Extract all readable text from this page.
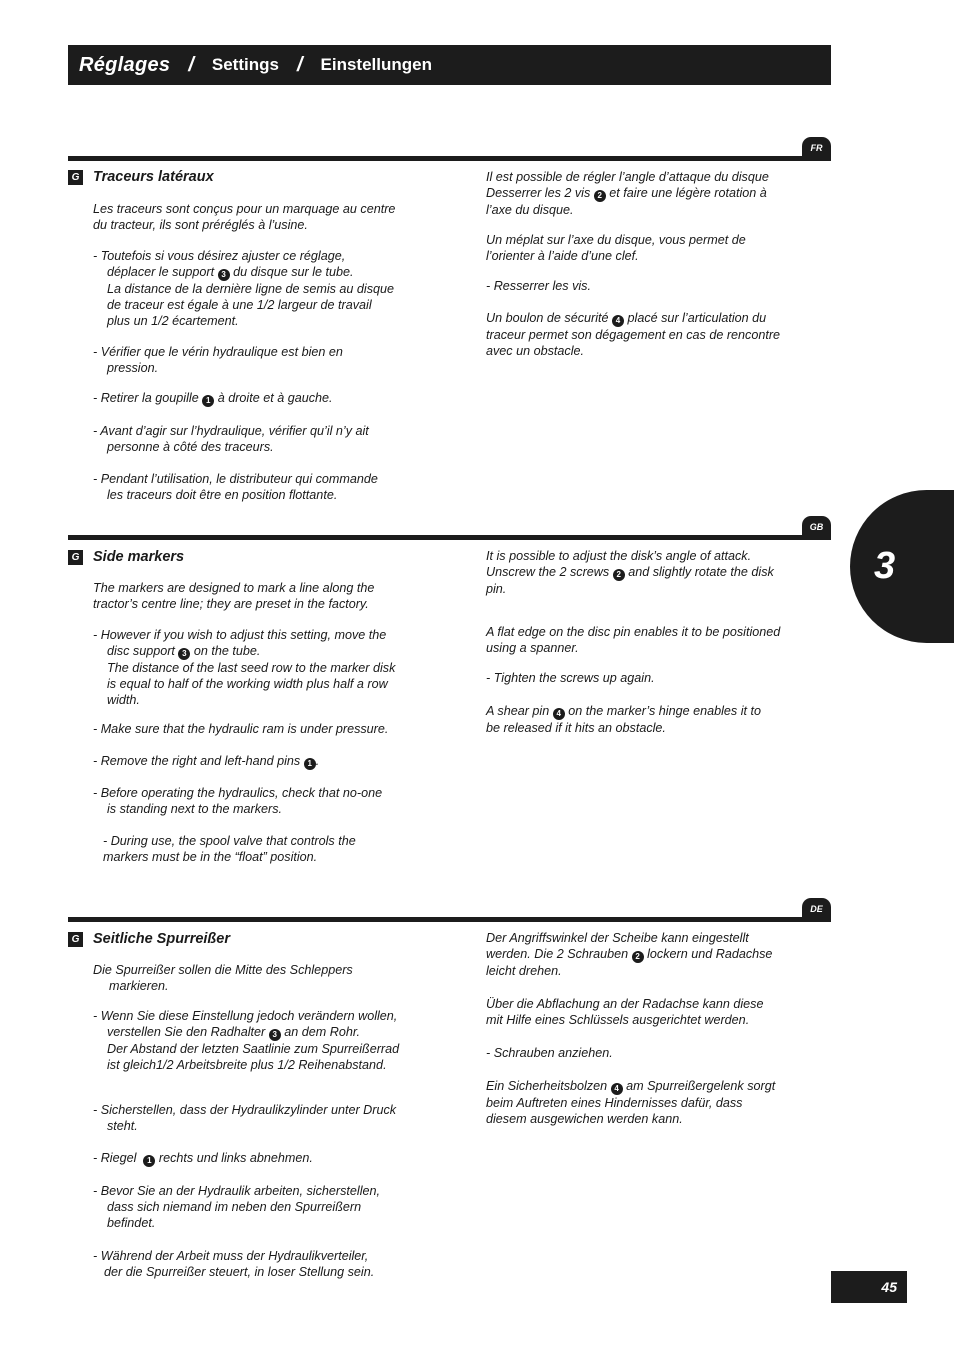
Réglages / Settings / Einstellungen
FR
G Traceurs latéraux

Les traceurs sont conçus pour un marquage au centre

du tracteur, ils sont préréglés à l’usine.

- Toutefois si vous désirez ajuster ce réglage,

déplacer le support 3 du disque sur le tube.

La distance de la dernière ligne de semis au disque

de traceur est égale à une 1/2 largeur de travail

plus un 1/2 écartement.

- Vérifier que le vérin hydraulique est bien en

pression.

- Retirer la goupille 1 à droite et à gauche.

- Avant d’agir sur l’hydraulique, vérifier qu’il n’y ait

personne à côté des traceurs.

- Pendant l’utilisation, le distributeur qui commande

les traceurs doit être en position flottante.

Il est possible de régler l’angle d’attaque du disque

Desserrer les 2 vis 2 et faire une légère rotation à

l’axe du disque.

Un méplat sur l’axe du disque, vous permet de

l’orienter à l’aide d’une clef.

- Resserrer les vis.

Un boulon de sécurité 4 placé sur l’articulation du

traceur permet son dégagement en cas de rencontre

avec un obstacle.

GB
G Side markers

The markers are designed to mark a line along the

tractor’s centre line; they are preset in the factory.

- However if you wish to adjust this setting, move the

disc support 3 on the tube.

The distance of the last seed row to the marker disk

is equal to half of the working width plus half a row

width.

- Make sure that the hydraulic ram is under pressure.

- Remove the right and left-hand pins 1 .

- Before operating the hydraulics, check that no-one

is standing next to the markers.

- During use, the spool valve that controls the

markers must be in the “float” position.

It is possible to adjust the disk’s angle of attack.

Unscrew the 2 screws 2 and slightly rotate the disk

pin.

A flat edge on the disc pin enables it to be positioned

using a spanner.

- Tighten the screws up again.

A shear pin 4 on the marker’s hinge enables it to

be released if it hits an obstacle.

3
DE
G Seitliche Spurreißer

Die Spurreißer sollen die Mitte des Schleppers

markieren.

- Wenn Sie diese Einstellung jedoch verändern wollen,

verstellen Sie den Radhalter 3 an dem Rohr.

Der Abstand der letzten Saatlinie zum Spurreißerrad

ist gleich1/2 Arbeitsbreite plus 1/2 Reihenabstand.

- Sicherstellen, dass der Hydraulikzylinder unter Druck

steht.

- Riegel 1 rechts und links abnehmen.

- Bevor Sie an der Hydraulik arbeiten, sicherstellen,

dass sich niemand im neben den Spurreißern

befindet.

- Während der Arbeit muss der Hydraulikverteiler,

der die Spurreißer steuert, in loser Stellung sein.

Der Angriffswinkel der Scheibe kann eingestellt

werden. Die 2 Schrauben 2 lockern und Radachse

leicht drehen.

Über die Abflachung an der Radachse kann diese

mit Hilfe eines Schlüssels ausgerichtet werden.

- Schrauben anziehen.

Ein Sicherheitsbolzen 4 am Spurreißergelenk sorgt

beim Auftreten eines Hindernisses dafür, dass

diesem ausgewichen werden kann.

45
